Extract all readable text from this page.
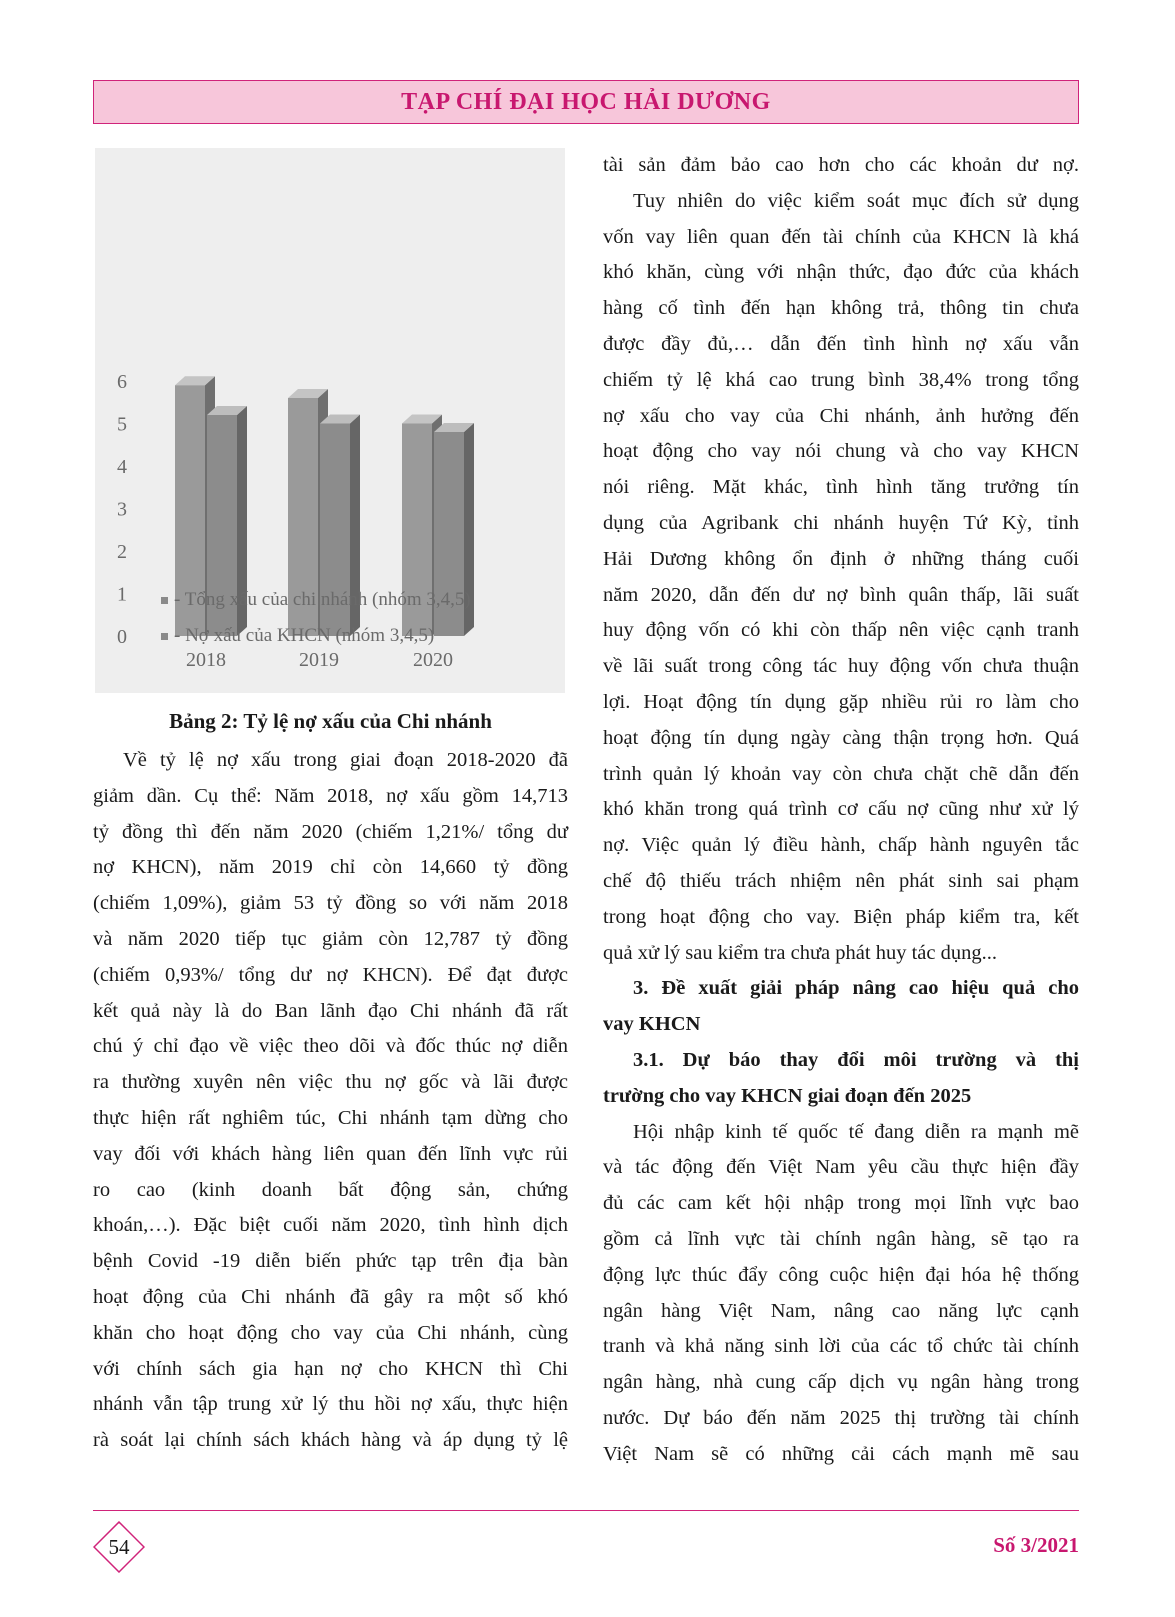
TẠP CHÍ ĐẠI HỌC HẢI DƯƠNG
0
1
2
3
4
5
6
2018	2019	2020
- Tổng xấu của chi nhánh (nhóm 3,4,5)
- Nợ xấu của KHCN (nhóm 3,4,5)
Bảng 2: Tỷ lệ nợ xấu của Chi nhánh

Về tỷ lệ nợ xấu trong giai đoạn 2018-2020 đã

giảm dần. Cụ thể: Năm 2018, nợ xấu gồm 14,713

tỷ đồng thì đến năm 2020 (chiếm 1,21%/ tổng dư

nợ KHCN), năm 2019 chỉ còn 14,660 tỷ đồng

(chiếm 1,09%), giảm 53 tỷ đồng so với năm 2018

và năm 2020 tiếp tục giảm còn 12,787 tỷ đồng

(chiếm 0,93%/ tổng dư nợ KHCN). Để đạt được

kết quả này là do Ban lãnh đạo Chi nhánh đã rất

chú ý chỉ đạo về việc theo dõi và đốc thúc nợ diễn

ra thường xuyên nên việc thu nợ gốc và lãi được

thực hiện rất nghiêm túc, Chi nhánh tạm dừng cho

vay đối với khách hàng liên quan đến lĩnh vực rủi

ro cao (kinh doanh bất động sản, chứng

khoán,…). Đặc biệt cuối năm 2020, tình hình dịch

bệnh Covid -19 diễn biến phức tạp trên địa bàn

hoạt động của Chi nhánh đã gây ra một số khó

khăn cho hoạt động cho vay của Chi nhánh, cùng

với chính sách gia hạn nợ cho KHCN thì Chi

nhánh vẫn tập trung xử lý thu hồi nợ xấu, thực hiện

rà soát lại chính sách khách hàng và áp dụng tỷ lệ

tài sản đảm bảo cao hơn cho các khoản dư nợ.

Tuy nhiên do việc kiểm soát mục đích sử dụng

vốn vay liên quan đến tài chính của KHCN là khá

khó khăn, cùng với nhận thức, đạo đức của khách

hàng cố tình đến hạn không trả, thông tin chưa

được đầy đủ,… dẫn đến tình hình nợ xấu vẫn

chiếm tỷ lệ khá cao trung bình 38,4% trong tổng

nợ xấu cho vay của Chi nhánh, ảnh hưởng đến

hoạt động cho vay nói chung và cho vay KHCN

nói riêng. Mặt khác, tình hình tăng trưởng tín

dụng của Agribank chi nhánh huyện Tứ Kỳ, tỉnh

Hải Dương không ổn định ở những tháng cuối

năm 2020, dẫn đến dư nợ bình quân thấp, lãi suất

huy động vốn có khi còn thấp nên việc cạnh tranh

về lãi suất trong công tác huy động vốn chưa thuận

lợi. Hoạt động tín dụng gặp nhiều rủi ro làm cho

hoạt động tín dụng ngày càng thận trọng hơn. Quá

trình quản lý khoản vay còn chưa chặt chẽ dẫn đến

khó khăn trong quá trình cơ cấu nợ cũng như xử lý

nợ. Việc quản lý điều hành, chấp hành nguyên tắc

chế độ thiếu trách nhiệm nên phát sinh sai phạm

trong hoạt động cho vay. Biện pháp kiểm tra, kết

quả xử lý sau kiểm tra chưa phát huy tác dụng...

3. Đề xuất giải pháp nâng cao hiệu quả cho

vay KHCN

3.1. Dự báo thay đổi môi trường và thị

trường cho vay KHCN giai đoạn đến 2025

Hội nhập kinh tế quốc tế đang diễn ra mạnh mẽ

và tác động đến Việt Nam yêu cầu thực hiện đầy

đủ các cam kết hội nhập trong mọi lĩnh vực bao

gồm cả lĩnh vực tài chính ngân hàng, sẽ tạo ra

động lực thúc đẩy công cuộc hiện đại hóa hệ thống

ngân hàng Việt Nam, nâng cao năng lực cạnh

tranh và khả năng sinh lời của các tổ chức tài chính

ngân hàng, nhà cung cấp dịch vụ ngân hàng trong

nước. Dự báo đến năm 2025 thị trường tài chính

Việt Nam sẽ có những cải cách mạnh mẽ sau

54	Số 3/2021
